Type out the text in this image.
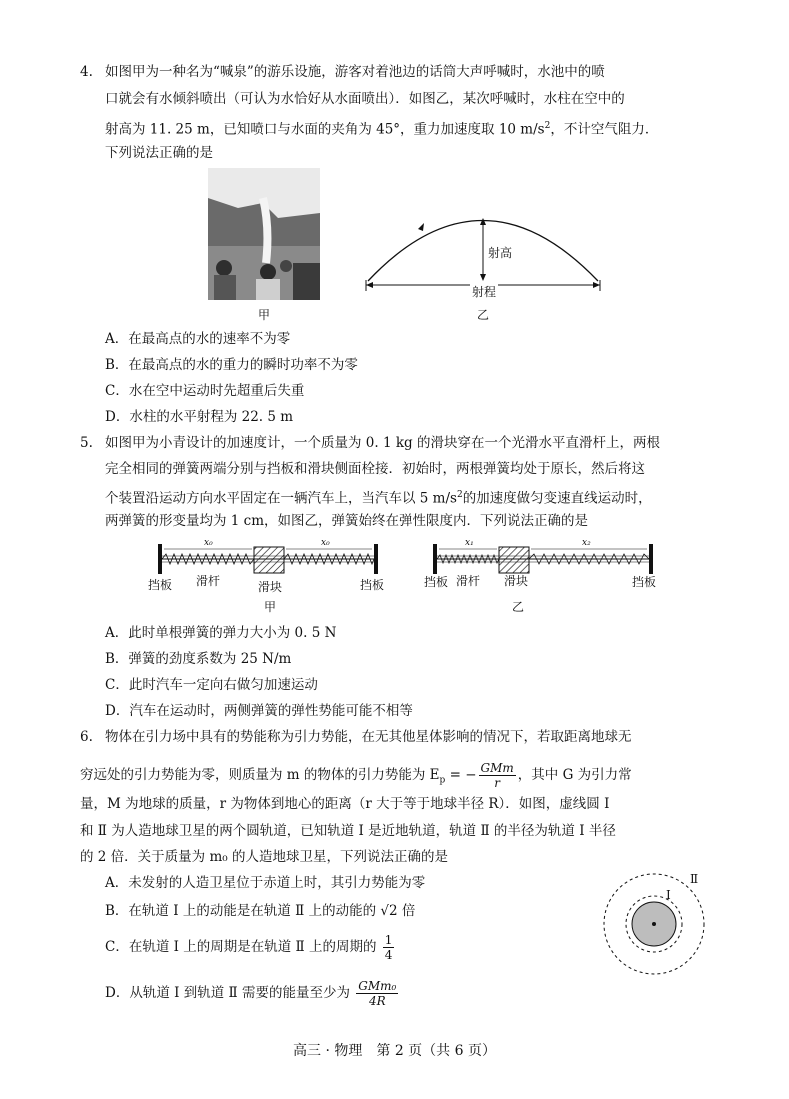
4. 如图甲为一种名为“喊泉”的游乐设施，游客对着池边的话筒大声呼喊时，水池中的喷
口就会有水倾斜喷出（可认为水恰好从水面喷出）．如图乙，某次呼喊时，水柱在空中的
射高为 11. 25 m，已知喷口与水面的夹角为 45°，重力加速度取 10 $m/s^2$，不计空气阻力．
下列说法正确的是
甲
射高
射程
乙
A．在最高点的水的速率不为零
B．在最高点的水的重力的瞬时功率不为零
C．水在空中运动时先超重后失重
D．水柱的水平射程为 22. 5 m
5. 如图甲为小青设计的加速度计，一个质量为 0. 1 kg 的滑块穿在一个光滑水平直滑杆上，两根
完全相同的弹簧两端分别与挡板和滑块侧面栓接．初始时，两根弹簧均处于原长，然后将这
个装置沿运动方向水平固定在一辆汽车上，当汽车以 5 $m/s^2$的加速度做匀变速直线运动时，
两弹簧的形变量均为 1 cm，如图乙，弹簧始终在弹性限度内．下列说法正确的是
x₀	x₀
挡板 滑杆	滑块	挡板
甲
x₁	x₂
挡板 滑杆 滑块	挡板
乙
A．此时单根弹簧的弹力大小为 0. 5 N
B．弹簧的劲度系数为 25 N/m
C．此时汽车一定向右做匀加速运动
D．汽车在运动时，两侧弹簧的弹性势能可能不相等
6. 物体在引力场中具有的势能称为引力势能，在无其他星体影响的情况下，若取距离地球无
穷远处的引力势能为零，则质量为 m 的物体的引力势能为 $E_p$ = − $\frac{\text{GMm}}{r}$ ，其中 G 为引力常
量，M 为地球的质量，r 为物体到地心的距离（r 大于等于地球半径 R）．如图，虚线圆 Ⅰ
和 Ⅱ 为人造地球卫星的两个圆轨道，已知轨道 Ⅰ 是近地轨道，轨道 Ⅱ 的半径为轨道 Ⅰ 半径
的 2 倍．关于质量为 m₀ 的人造地球卫星，下列说法正确的是
A．未发射的人造卫星位于赤道上时，其引力势能为零
B．在轨道 Ⅰ 上的动能是在轨道 Ⅱ 上的动能的 √2 倍
C．在轨道 Ⅰ 上的周期是在轨道 Ⅱ 上的周期的 $\frac{1}{4}$
D．从轨道 Ⅰ 到轨道 Ⅱ 需要的能量至少为 $\frac{\text{GMm₀}}{4R}$
Ⅰ
Ⅱ
高三 · 物理　第 2 页（共 6 页）
